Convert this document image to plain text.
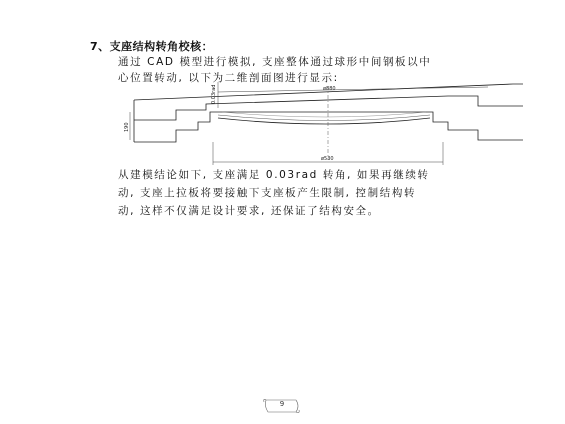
7、支座结构转角校核：
通过 CAD 模型进行模拟, 支座整体通过球形中间钢板以中
心位置转动, 以下为二维剖面图进行显示:
ø880
0.03rad
190
ø530
从建模结论如下, 支座满足 0.03rad 转角, 如果再继续转
动, 支座上拉板将要接触下支座板产生限制, 控制结构转
动, 这样不仅满足设计要求, 还保证了结构安全。
9
